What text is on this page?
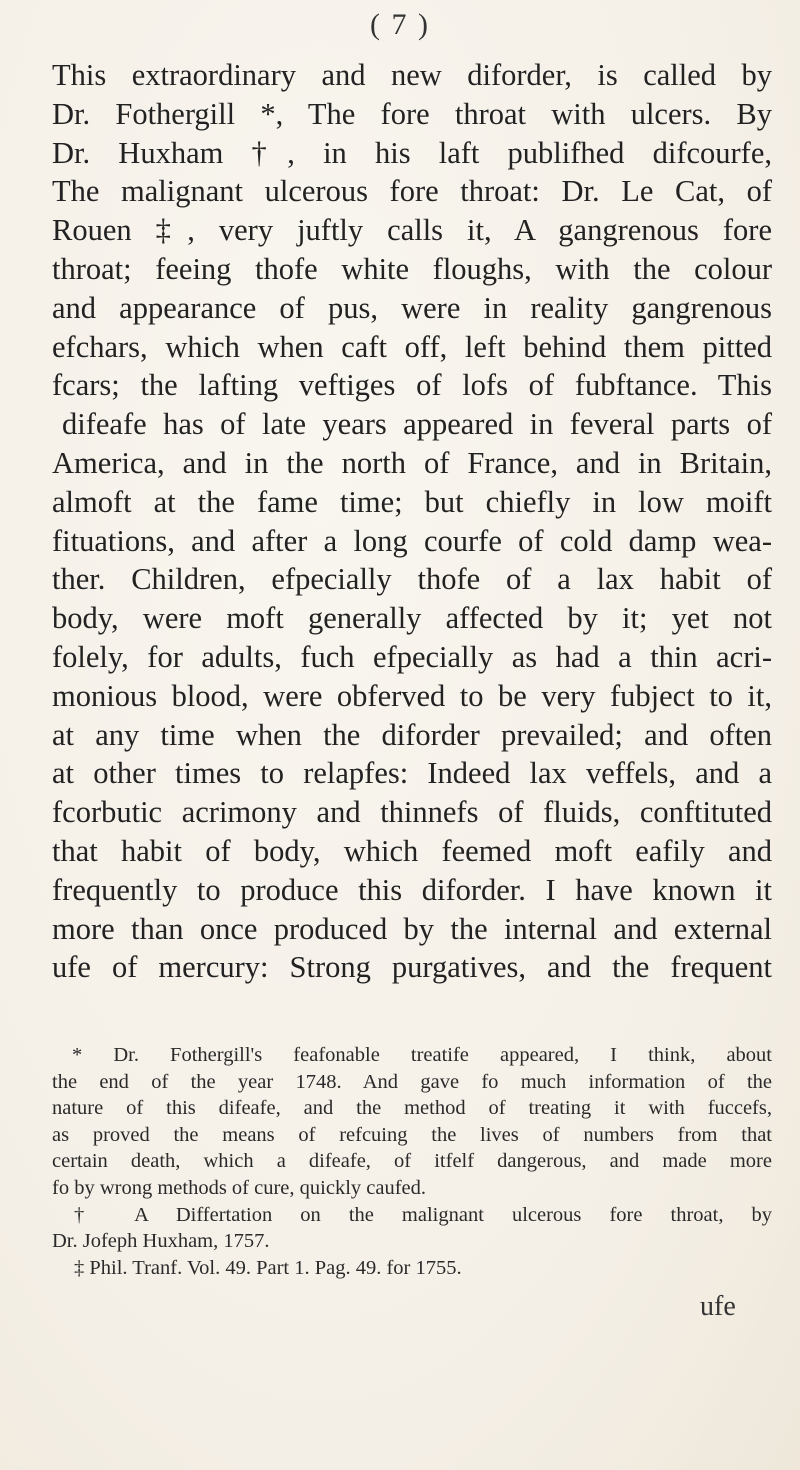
( 7 )
This extraordinary and new diforder, is called by
Dr. Fothergill *, The fore throat with ulcers. By
Dr. Huxham †, in his laft publifhed difcourfe,
The malignant ulcerous fore throat: Dr. Le Cat, of
Rouen ‡, very juftly calls it, A gangrenous fore
throat; feeing thofe white floughs, with the colour
and appearance of pus, were in reality gangrenous
efchars, which when caft off, left behind them pitted
fcars; the lafting veftiges of lofs of fubftance. This
difeafe has of late years appeared in feveral parts of
America, and in the north of France, and in Britain,
almoft at the fame time; but chiefly in low moift
fituations, and after a long courfe of cold damp wea-
ther. Children, efpecially thofe of a lax habit of
body, were moft generally affected by it; yet not
folely, for adults, fuch efpecially as had a thin acri-
monious blood, were obferved to be very fubject to it,
at any time when the diforder prevailed; and often
at other times to relapfes: Indeed lax veffels, and a
fcorbutic acrimony and thinnefs of fluids, conftituted
that habit of body, which feemed moft eafily and
frequently to produce this diforder. I have known it
more than once produced by the internal and external
ufe of mercury: Strong purgatives, and the frequent
* Dr. Fothergill's feafonable treatife appeared, I think, about
the end of the year 1748. And gave fo much information of the
nature of this difeafe, and the method of treating it with fuccefs,
as proved the means of refcuing the lives of numbers from that
certain death, which a difeafe, of itfelf dangerous, and made more
fo by wrong methods of cure, quickly caufed.
† A Differtation on the malignant ulcerous fore throat, by
Dr. Jofeph Huxham, 1757.
‡ Phil. Tranf. Vol. 49. Part 1. Pag. 49. for 1755.
ufe
